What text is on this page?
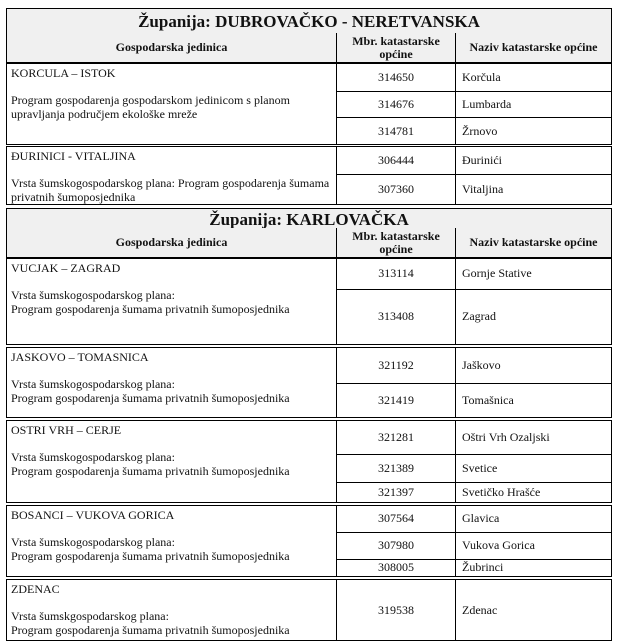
Županija: DUBROVAČKO - NERETVANSKA
Gospodarska jedinica	Mbr. katastarske općine	Naziv katastarske općine
KORCULA – ISTOK
Program gospodarenja gospodarskom jedinicom s planom upravljanja područjem ekološke mreže
314650	Korčula
314676	Lumbarda
314781	Žrnovo
ĐURINICI - VITALJINA
Vrsta šumskogospodarskog plana: Program gospodarenja šumama privatnih šumoposjednika
306444	Đurinići
307360	Vitaljina
Županija: KARLOVAČKA
Gospodarska jedinica	Mbr. katastarske općine	Naziv katastarske općine
VUCJAK – ZAGRAD
Vrsta šumskogospodarskog plana:
Program gospodarenja šumama privatnih šumoposjednika
313114	Gornje Stative
313408	Zagrad
JASKOVO – TOMASNICA
Vrsta šumskogospodarskog plana:
Program gospodarenja šumama privatnih šumoposjednika
321192	Jaškovo
321419	Tomašnica
OSTRI VRH – CERJE
Vrsta šumskogospodarskog plana:
Program gospodarenja šumama privatnih šumoposjednika
321281	Oštri Vrh Ozaljski
321389	Svetice
321397	Svetičko Hrašće
BOSANCI – VUKOVA GORICA
Vrsta šumskogospodarskog plana:
Program gospodarenja šumama privatnih šumoposjednika
307564	Glavica
307980	Vukova Gorica
308005	Žubrinci
ZDENAC
Vrsta šumskgospodarskog plana:
Program gospodarenja šumama privatnih šumoposjednika
319538	Zdenac
